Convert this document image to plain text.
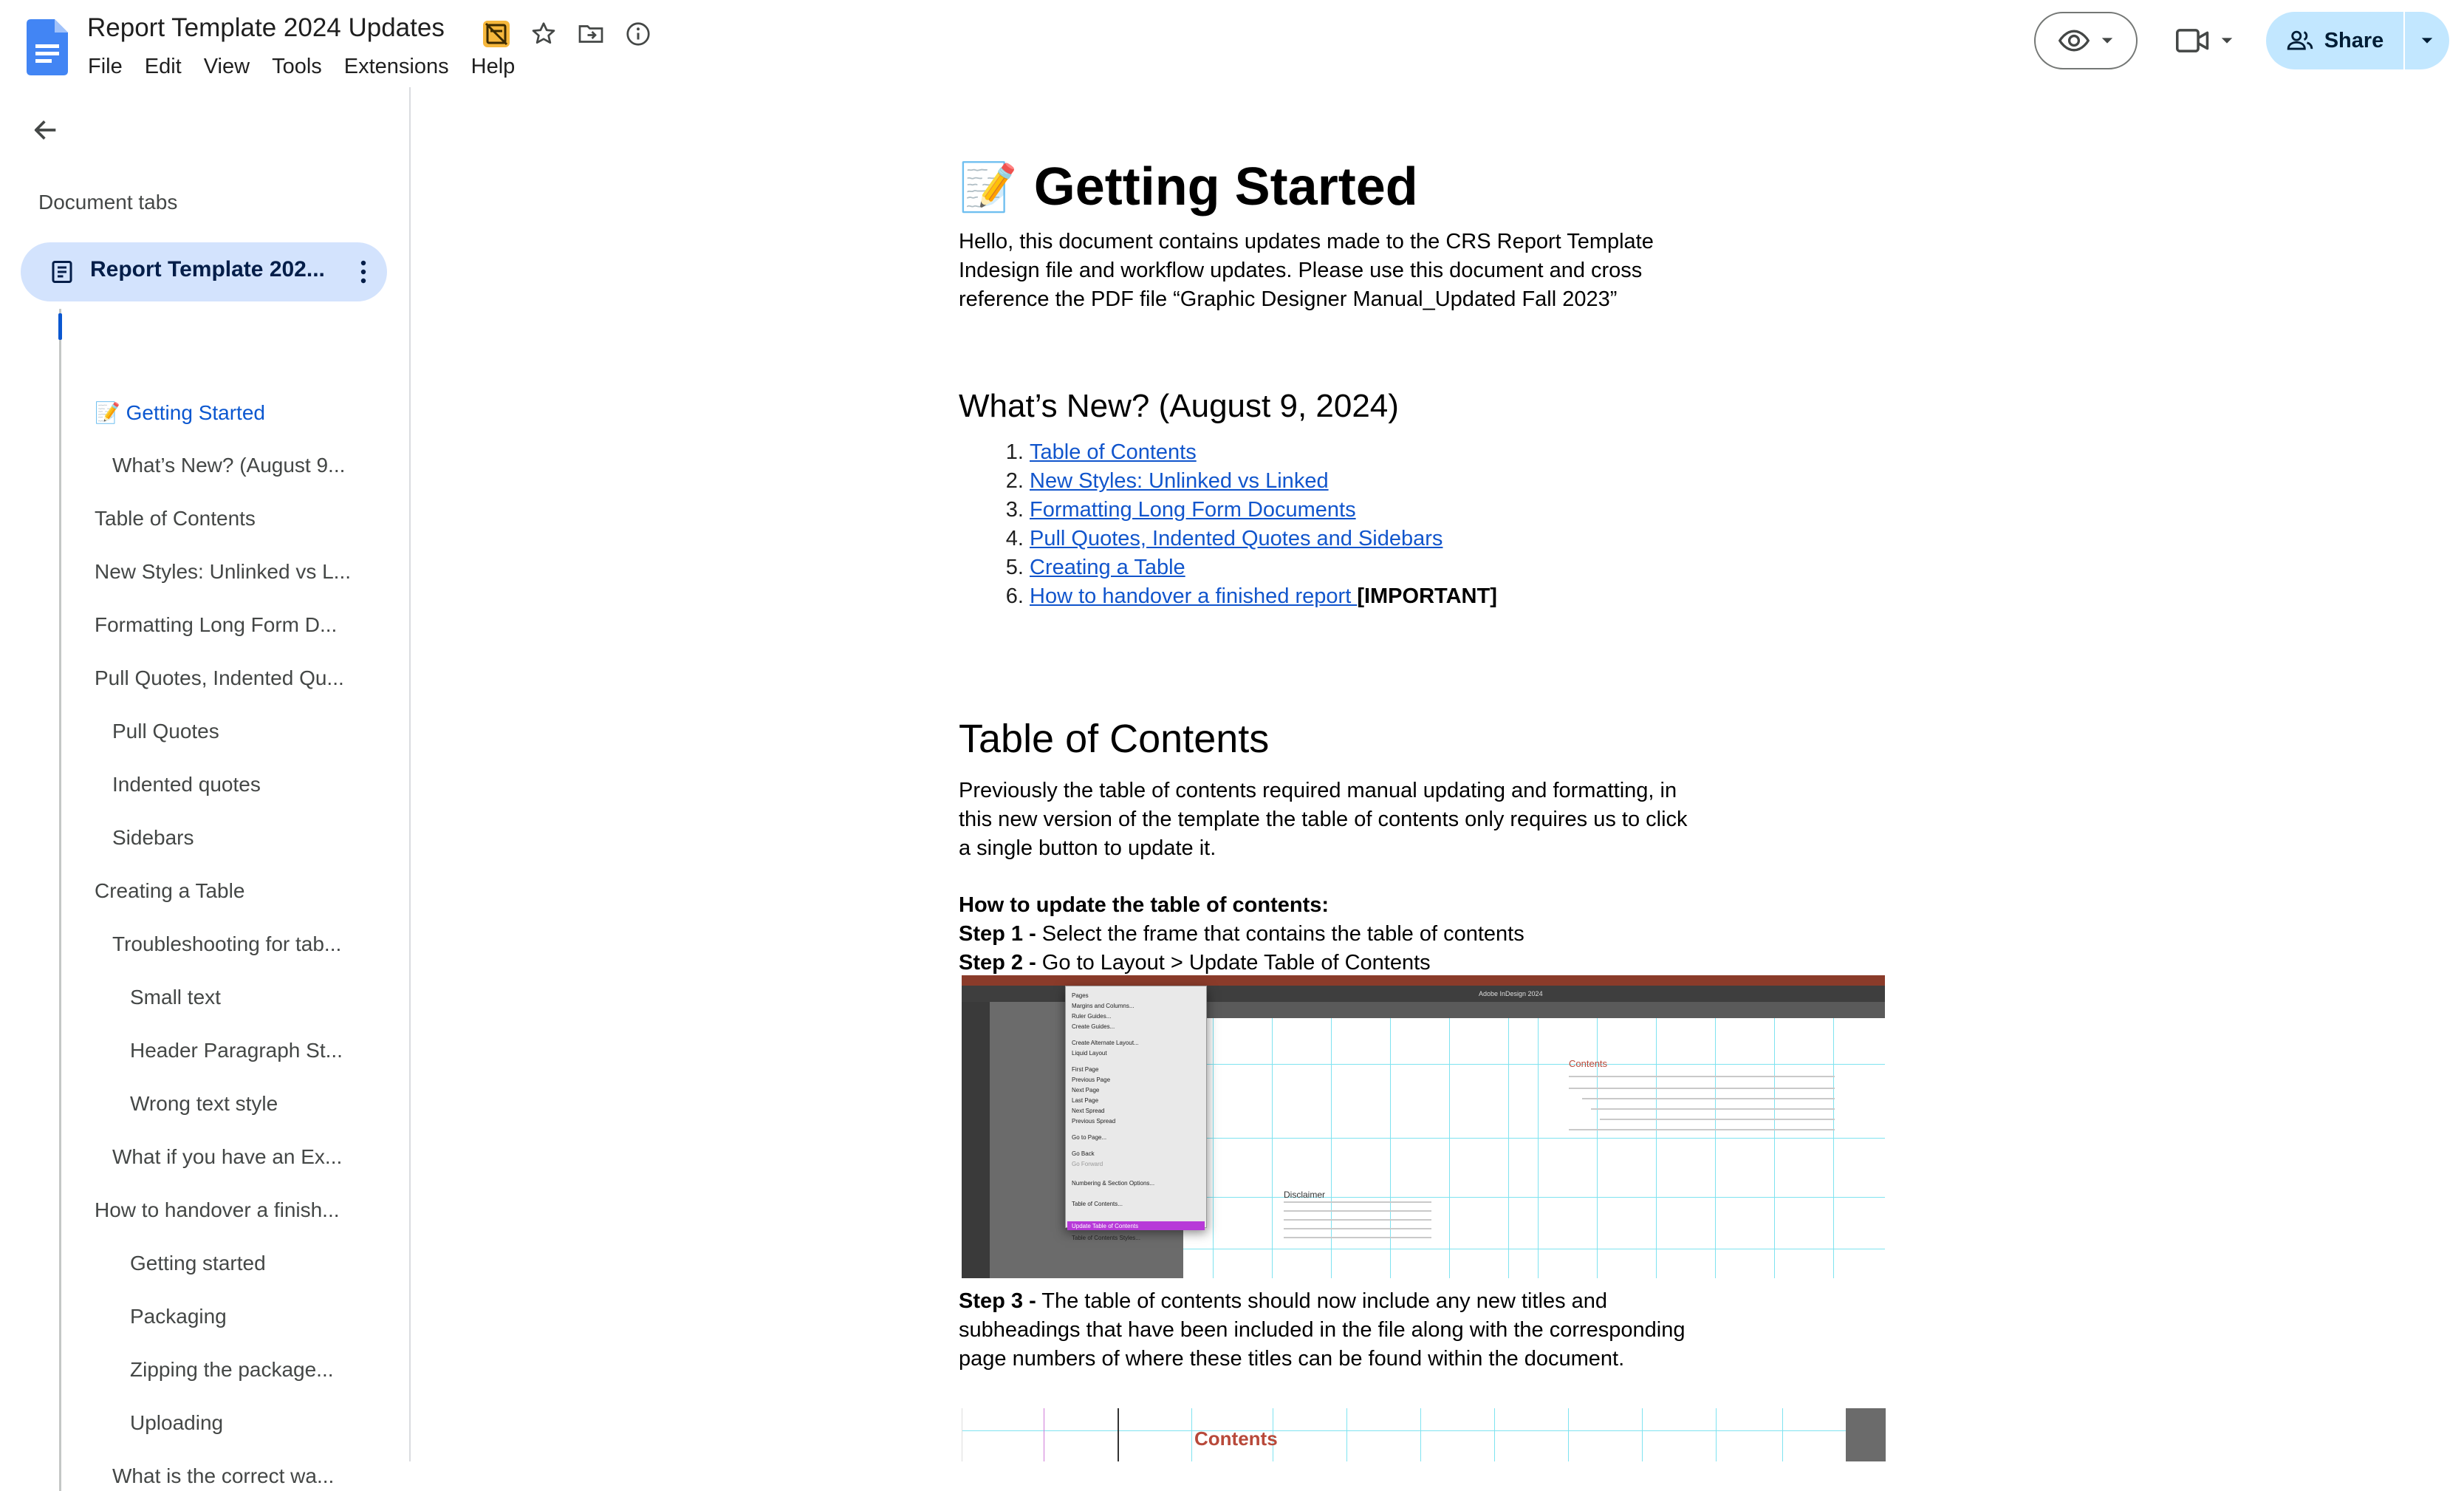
Report Template 2024 Updates
File	Edit	View	Tools	Extensions	Help
Share
Document tabs
Report Template 202...
📝 Getting Started
What’s New? (August 9...
Table of Contents
New Styles: Unlinked vs L...
Formatting Long Form D...
Pull Quotes, Indented Qu...
Pull Quotes
Indented quotes
Sidebars
Creating a Table
Troubleshooting for tab...
Small text
Header Paragraph St...
Wrong text style
What if you have an Ex...
How to handover a finish...
Getting started
Packaging
Zipping the package...
Uploading
What is the correct wa...
📝 Getting Started

Hello, this document contains updates made to the CRS Report Template Indesign file and workflow updates. Please use this document and cross reference the PDF file “Graphic Designer Manual_Updated Fall 2023”

What’s New? (August 9, 2024)
1. Table of Contents
2. New Styles: Unlinked vs Linked
3. Formatting Long Form Documents
4. Pull Quotes, Indented Quotes and Sidebars
5. Creating a Table
6. How to handover a finished report [IMPORTANT]
Table of Contents

Previously the table of contents required manual updating and formatting, in this new version of the template the table of contents only requires us to click a single button to update it.

How to update the table of contents:

Step 1 - Select the frame that contains the table of contents

Step 2 - Go to Layout > Update Table of Contents

Adobe InDesign 2024
Contents
Disclaimer
Pages
Margins and Columns...
Ruler Guides...
Create Guides...
Create Alternate Layout...
Liquid Layout
First Page
Previous Page
Next Page
Last Page
Next Spread
Previous Spread
Go to Page...
Go Back
Go Forward
Numbering & Section Options...
Table of Contents...
Update Table of Contents
Table of Contents Styles...

Step 3 - The table of contents should now include any new titles and subheadings that have been included in the file along with the corresponding page numbers of where these titles can be found within the document.

Contents
